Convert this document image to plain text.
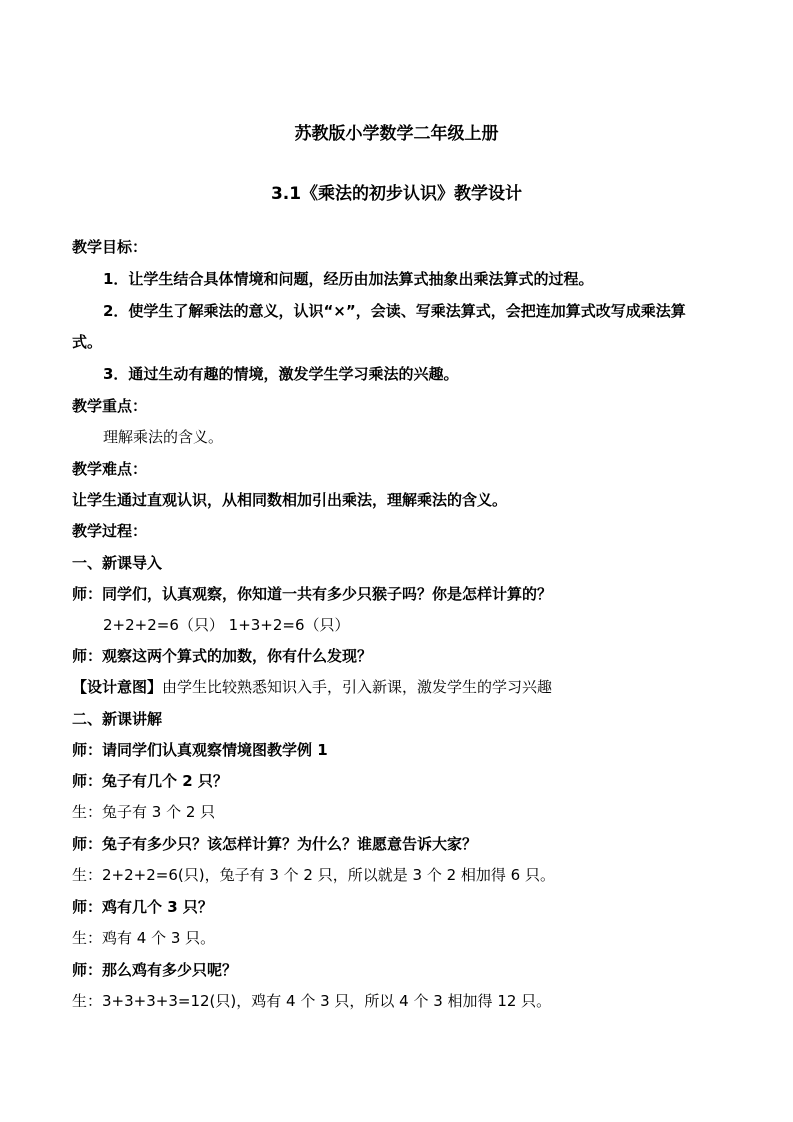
苏教版小学数学二年级上册
3.1《乘法的初步认识》教学设计
教学目标：
1．让学生结合具体情境和问题，经历由加法算式抽象出乘法算式的过程。
2．使学生了解乘法的意义，认识“×”，会读、写乘法算式，会把连加算式改写成乘法算
式。
3．通过生动有趣的情境，激发学生学习乘法的兴趣。
教学重点：
理解乘法的含义。
教学难点：
让学生通过直观认识，从相同数相加引出乘法，理解乘法的含义。
教学过程：
一、新课导入
师：同学们，认真观察，你知道一共有多少只猴子吗？你是怎样计算的？
2+2+2=6（只） 1+3+2=6（只）
师：观察这两个算式的加数，你有什么发现？
【设计意图】由学生比较熟悉知识入手，引入新课，激发学生的学习兴趣
二、新课讲解
师：请同学们认真观察情境图教学例 1
师：兔子有几个 2 只？
生：兔子有 3 个 2 只
师：兔子有多少只？该怎样计算？为什么？谁愿意告诉大家？
生：2+2+2=6(只)，兔子有 3 个 2 只，所以就是 3 个 2 相加得 6 只。
师：鸡有几个 3 只？
生：鸡有 4 个 3 只。
师：那么鸡有多少只呢？
生：3+3+3+3=12(只)，鸡有 4 个 3 只，所以 4 个 3 相加得 12 只。
